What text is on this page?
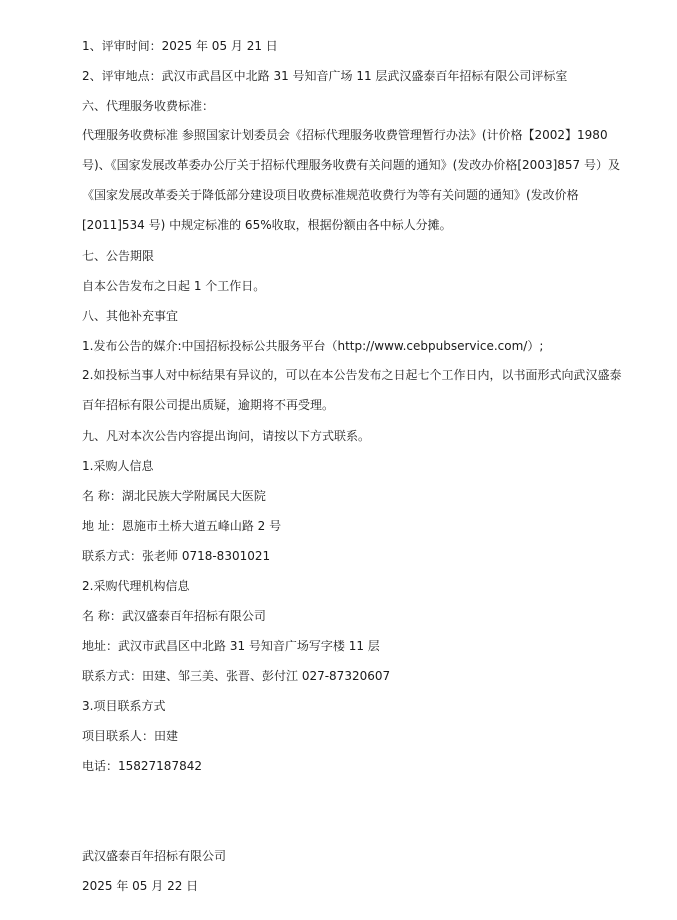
1、评审时间：2025 年 05 月 21 日
2、评审地点：武汉市武昌区中北路 31 号知音广场 11 层武汉盛泰百年招标有限公司评标室
六、代理服务收费标准：
代理服务收费标准 参照国家计划委员会《招标代理服务收费管理暂行办法》(计价格【2002】1980 号)、《国家发展改革委办公厅关于招标代理服务收费有关问题的通知》(发改办价格[2003]857 号）及《国家发展改革委关于降低部分建设项目收费标准规范收费行为等有关问题的通知》(发改价格[2011]534 号) 中规定标准的 65%收取，根据份额由各中标人分摊。
七、公告期限
自本公告发布之日起 1 个工作日。
八、其他补充事宜
1.发布公告的媒介:中国招标投标公共服务平台（http://www.cebpubservice.com/）;
2.如投标当事人对中标结果有异议的，可以在本公告发布之日起七个工作日内，以书面形式向武汉盛泰百年招标有限公司提出质疑，逾期将不再受理。
九、凡对本次公告内容提出询问，请按以下方式联系。
1.采购人信息
名 称：湖北民族大学附属民大医院
地 址：恩施市土桥大道五峰山路 2 号
联系方式：张老师 0718-8301021
2.采购代理机构信息
名 称：武汉盛泰百年招标有限公司
地址：武汉市武昌区中北路 31 号知音广场写字楼 11 层
联系方式：田建、邹三美、张晋、彭付江 027-87320607
3.项目联系方式
项目联系人：田建
电话：15827187842
武汉盛泰百年招标有限公司
2025 年 05 月 22 日
